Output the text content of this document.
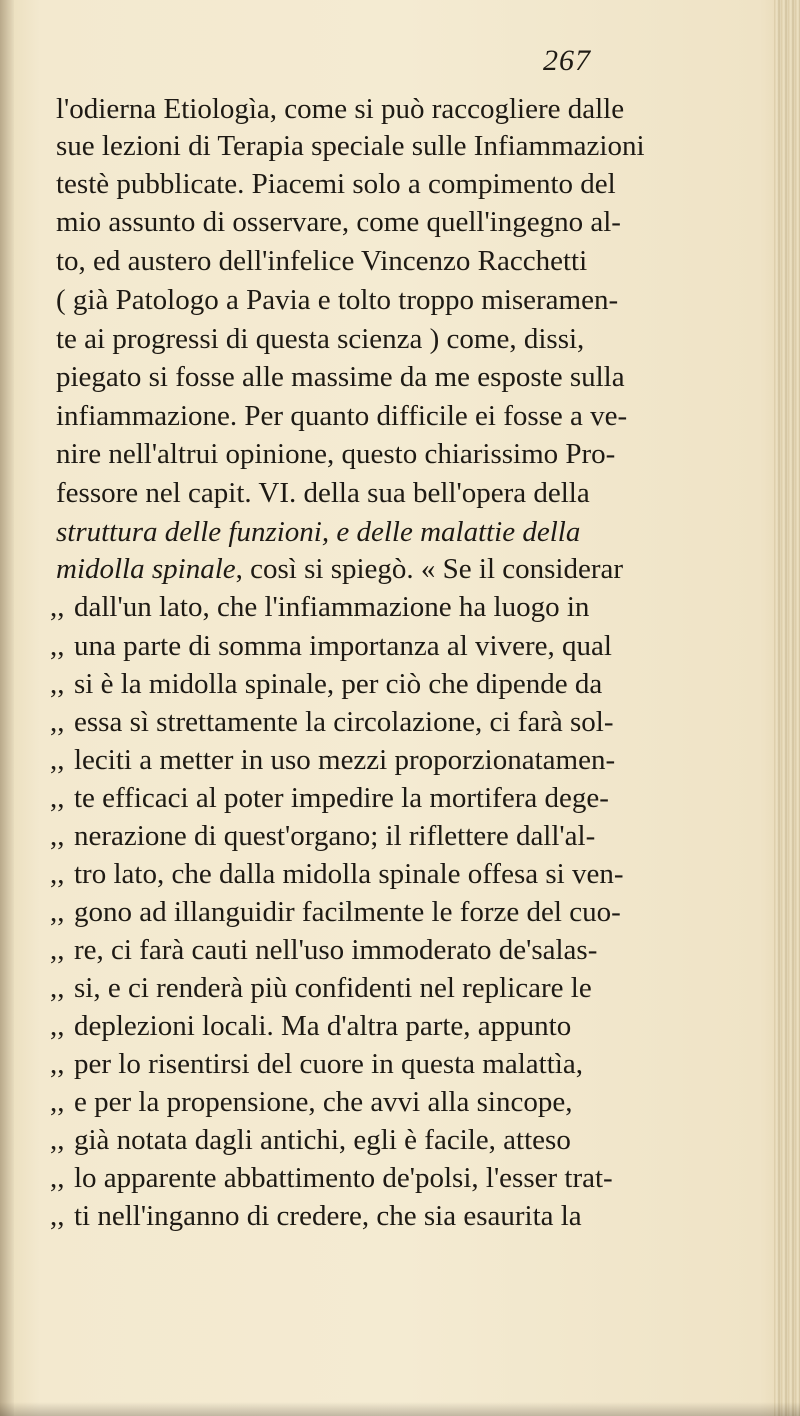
267
l'odierna Etiologìa, come si può raccogliere dalle
sue lezioni di Terapia speciale sulle Infiammazioni
testè pubblicate. Piacemi solo a compimento del
mio assunto di osservare, come quell'ingegno al-
to, ed austero dell'infelice Vincenzo Racchetti
( già Patologo a Pavia e tolto troppo miseramen-
te ai progressi di questa scienza ) come, dissi,
piegato si fosse alle massime da me esposte sulla
infiammazione. Per quanto difficile ei fosse a ve-
nire nell'altrui opinione, questo chiarissimo Pro-
fessore nel capit. VI. della sua bell'opera della
struttura delle funzioni, e delle malattie della
midolla spinale, così si spiegò. « Se il considerar
,, dall'un lato, che l'infiammazione ha luogo in
,, una parte di somma importanza al vivere, qual
,, si è la midolla spinale, per ciò che dipende da
,, essa sì strettamente la circolazione, ci farà sol-
,, leciti a metter in uso mezzi proporzionatamen-
,, te efficaci al poter impedire la mortifera dege-
,, nerazione di quest'organo; il riflettere dall'al-
,, tro lato, che dalla midolla spinale offesa si ven-
,, gono ad illanguidir facilmente le forze del cuo-
,, re, ci farà cauti nell'uso immoderato de'salas-
,, si, e ci renderà più confidenti nel replicare le
,, deplezioni locali. Ma d'altra parte, appunto
,, per lo risentirsi del cuore in questa malattìa,
,, e per la propensione, che avvi alla sincope,
,, già notata dagli antichi, egli è facile, atteso
,, lo apparente abbattimento de'polsi, l'esser trat-
,, ti nell'inganno di credere, che sia esaurita la
